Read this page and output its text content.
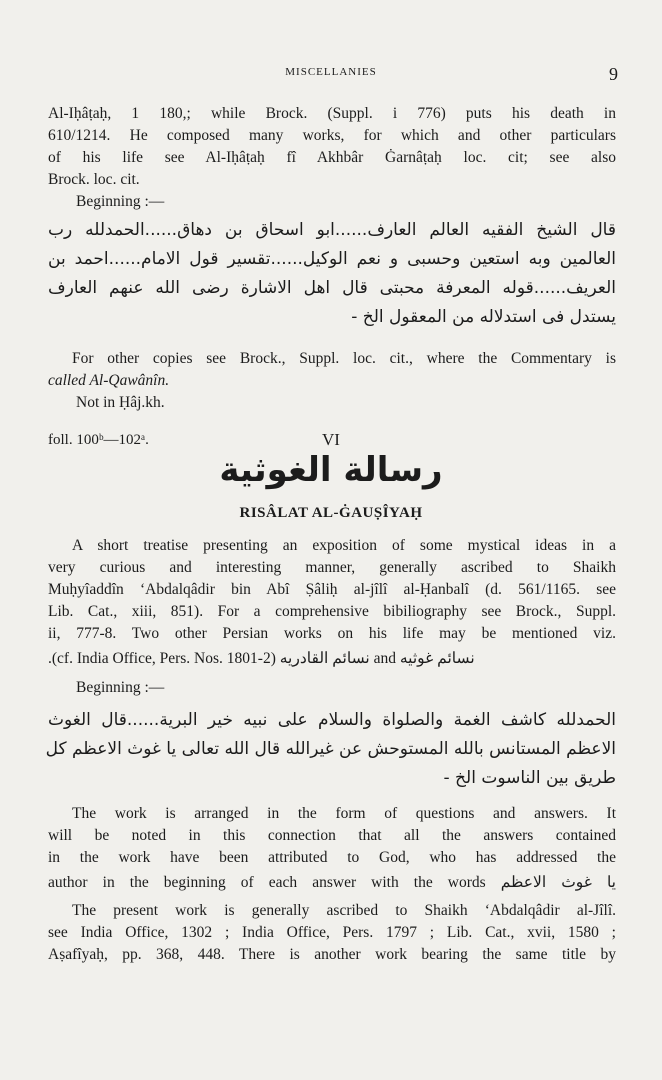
MISCELLANIES	9
Al-Iḥâṭaḥ, 1 180,; while Brock. (Suppl. i 776) puts his death in
610/1214. He composed many works, for which and other particulars
of his life see Al-Iḥâṭaḥ fî Akhbâr Ġarnâṭaḥ loc. cit; see also
Brock. loc. cit.
Beginning :—
قال الشيخ الفقيه العالم العارف......ابو اسحاق بن دهاق......الحمدلله رب
العالمين وبه استعين وحسبى و نعم الوكيل......تقسير قول الامام......احمد بن
العريف......قوله المعرفة محبتى قال اهل الاشارة رضى الله عنهم العارف
يستدل فى استدلاله من المعقول الخ -
For other copies see Brock., Suppl. loc. cit., where the Commentary is
called Al-Qawânîn.
Not in Ḥâj.kh.
foll. 100ᵇ—102ᵃ.	VI
رسالة الغوثية
RISÂLAT AL-ĠAUṢÎYAḤ
A short treatise presenting an exposition of some mystical ideas in a
very curious and interesting manner, generally ascribed to Shaikh
Muḥyîaddîn ‘Abdalqâdir bin Abî Ṣâliḥ al-jîlî al-Ḥanbalî (d. 561/1165. see
Lib. Cat., xiii, 851). For a comprehensive bibiliography see Brock., Suppl.
ii, 777-8. Two other Persian works on his life may be mentioned viz.
نسائم غوثيه and نسائم القادريه (cf. India Office, Pers. Nos. 1801-2).
Beginning :—
الحمدلله كاشف الغمة والصلواة والسلام على نبيه خير البرية......قال الغوث
الاعظم المستانس بالله المستوحش عن غيرالله قال الله تعالى يا غوث الاعظم كل
طريق بين الناسوت الخ -
The work is arranged in the form of questions and answers. It
will be noted in this connection that all the answers contained
in the work have been attributed to God, who has addressed the
author in the beginning of each answer with the words يا غوث الاعظم
The present work is generally ascribed to Shaikh ‘Abdalqâdir al-Jîlî.
see India Office, 1302 ; India Office, Pers. 1797 ; Lib. Cat., xvii, 1580 ;
Aṣafîyaḥ, pp. 368, 448. There is another work bearing the same title by
